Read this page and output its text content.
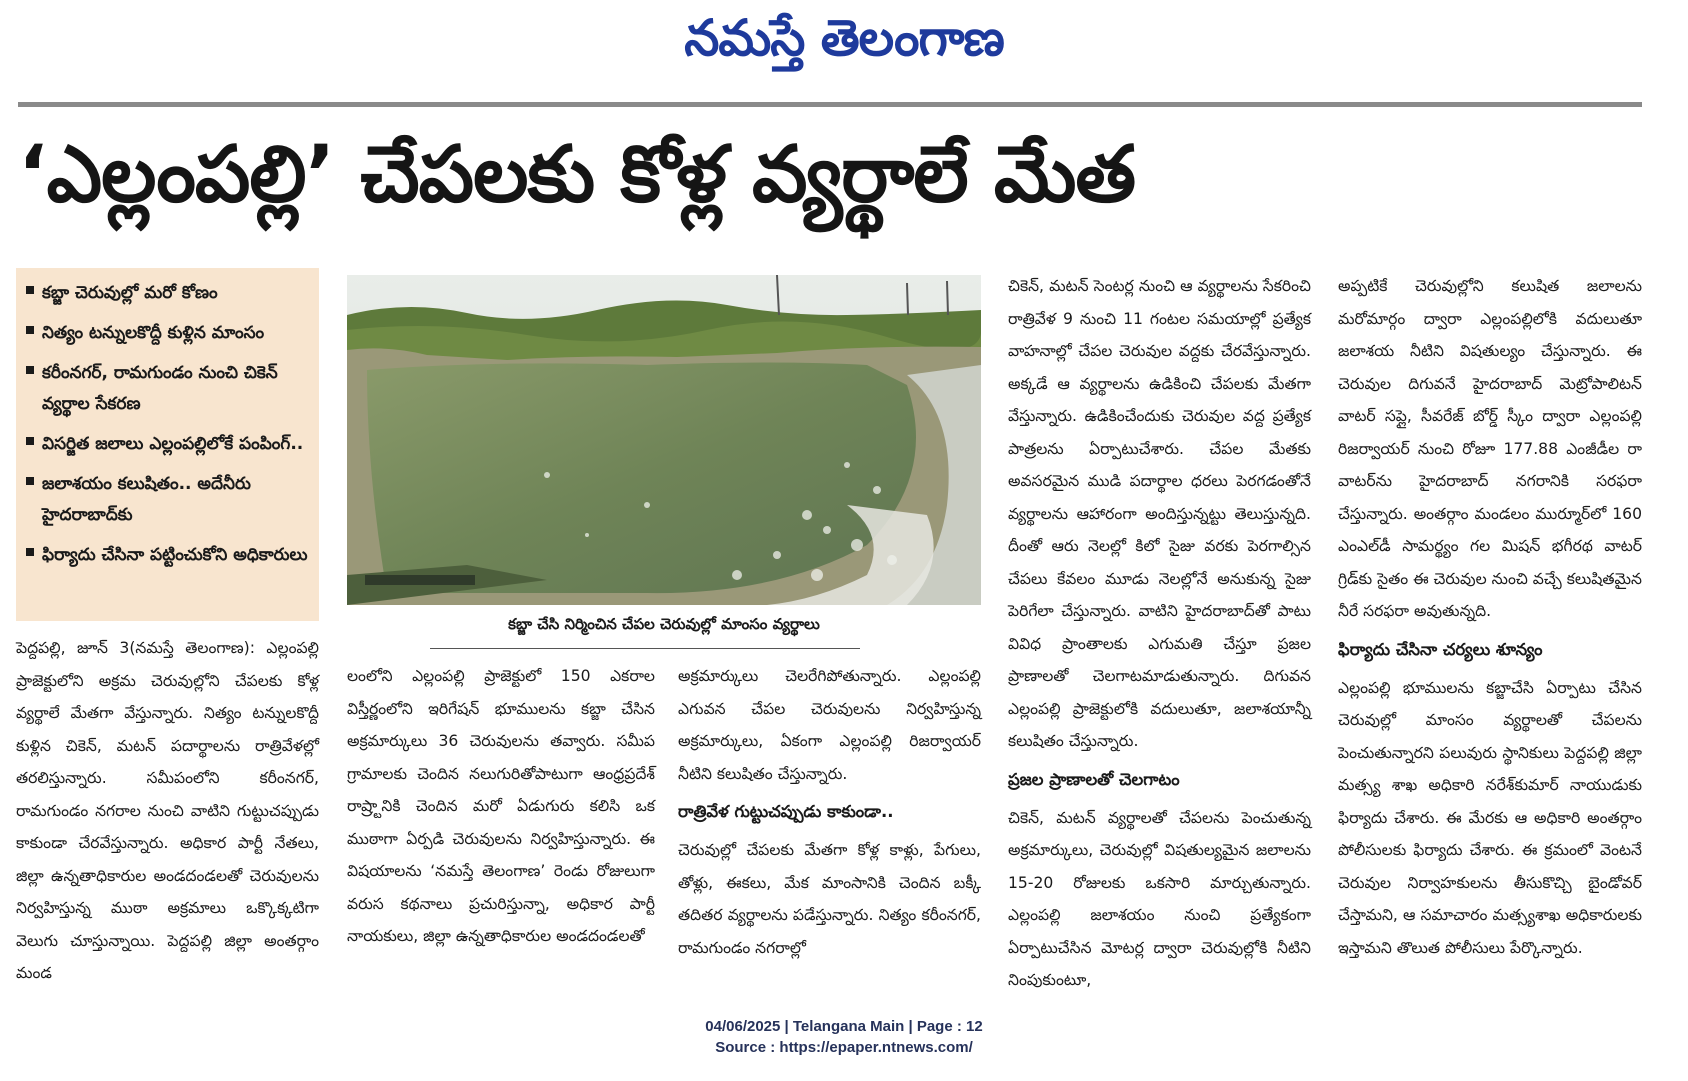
నమస్తే తెలంగాణ
‘ఎల్లంపల్లి’ చేపలకు కోళ్ల వ్యర్థాలే మేత
కబ్జా చెరువుల్లో మరో కోణం
నిత్యం టన్నులకొద్దీ కుళ్లిన మాంసం
కరీంనగర్, రామగుండం నుంచి చికెన్ వ్యర్థాల సేకరణ
విసర్జిత జలాలు ఎల్లంపల్లిలోకే పంపింగ్..
జలాశయం కలుషితం.. అదేనీరు హైదరాబాద్‌కు
ఫిర్యాదు చేసినా పట్టించుకోని అధికారులు
కబ్జా చేసి నిర్మించిన చేపల చెరువుల్లో మాంసం వ్యర్థాలు

పెద్దపల్లి, జూన్ 3(నమస్తే తెలంగాణ): ఎల్లంపల్లి ప్రాజెక్టులోని అక్రమ చెరువుల్లోని చేపలకు కోళ్ల వ్యర్థాలే మేతగా వేస్తున్నారు. నిత్యం టన్నులకొద్దీ కుళ్లిన చికెన్, మటన్ పదార్థాలను రాత్రివేళల్లో తరలిస్తున్నారు. సమీపంలోని కరీంనగర్, రామగుండం నగరాల నుంచి వాటిని గుట్టుచప్పుడు కాకుండా చేరవేస్తున్నారు. అధికార పార్టీ నేతలు, జిల్లా ఉన్నతాధికారుల అండదండలతో చెరువులను నిర్వహిస్తున్న ముఠా అక్రమాలు ఒక్కొక్కటిగా వెలుగు చూస్తున్నాయి. పెద్దపల్లి జిల్లా అంతర్గాం మండ

లంలోని ఎల్లంపల్లి ప్రాజెక్టులో 150 ఎకరాల విస్తీర్ణంలోని ఇరిగేషన్ భూములను కబ్జా చేసిన అక్రమార్కులు 36 చెరువులను తవ్వారు. సమీప గ్రామాలకు చెందిన నలుగురితోపాటుగా ఆంధ్రప్రదేశ్ రాష్ర్టానికి చెందిన మరో ఏడుగురు కలిసి ఒక ముఠాగా ఏర్పడి చెరువులను నిర్వహిస్తున్నారు. ఈ విషయాలను ‘నమస్తే తెలంగాణ’ రెండు రోజులుగా వరుస కథనాలు ప్రచురిస్తున్నా, అధికార పార్టీ నాయకులు, జిల్లా ఉన్నతాధికారుల అండదండలతో

అక్రమార్కులు చెలరేగిపోతున్నారు. ఎల్లంపల్లి ఎగువన చేపల చెరువులను నిర్వహిస్తున్న అక్రమార్కులు, ఏకంగా ఎల్లంపల్లి రిజర్వాయర్ నీటిని కలుషితం చేస్తున్నారు.

రాత్రివేళ గుట్టుచప్పుడు కాకుండా..

చెరువుల్లో చేపలకు మేతగా కోళ్ల కాళ్లు, పేగులు, తోళ్లు, ఈకలు, మేక మాంసానికి చెందిన బక్కీ తదితర వ్యర్థాలను పడేస్తున్నారు. నిత్యం కరీంనగర్, రామగుండం నగరాల్లో

చికెన్, మటన్ సెంటర్ల నుంచి ఆ వ్యర్థాలను సేకరించి రాత్రివేళ 9 నుంచి 11 గంటల సమయాల్లో ప్రత్యేక వాహనాల్లో చేపల చెరువుల వద్దకు చేరవేస్తున్నారు. అక్కడే ఆ వ్యర్థాలను ఉడికించి చేపలకు మేతగా వేస్తున్నారు. ఉడికించేందుకు చెరువుల వద్ద ప్రత్యేక పాత్రలను ఏర్పాటుచేశారు. చేపల మేతకు అవసరమైన ముడి పదార్థాల ధరలు పెరగడంతోనే వ్యర్థాలను ఆహారంగా అందిస్తున్నట్టు తెలుస్తున్నది. దీంతో ఆరు నెలల్లో కిలో సైజు వరకు పెరగాల్సిన చేపలు కేవలం మూడు నెలల్లోనే అనుకున్న సైజు పెరిగేలా చేస్తున్నారు. వాటిని హైదరాబాద్‌తో పాటు వివిధ ప్రాంతాలకు ఎగుమతి చేస్తూ ప్రజల ప్రాణాలతో చెలగాటమాడుతున్నారు. దిగువన ఎల్లంపల్లి ప్రాజెక్టులోకి వదులుతూ, జలాశయాన్నీ కలుషితం చేస్తున్నారు.

ప్రజల ప్రాణాలతో చెలగాటం

చికెన్, మటన్ వ్యర్థాలతో చేపలను పెంచుతున్న అక్రమార్కులు, చెరువుల్లో విషతుల్యమైన జలాలను 15-20 రోజులకు ఒకసారి మార్చుతున్నారు. ఎల్లంపల్లి జలాశయం నుంచి ప్రత్యేకంగా ఏర్పాటుచేసిన మోటర్ల ద్వారా చెరువుల్లోకి నీటిని నింపుకుంటూ,

అప్పటికే చెరువుల్లోని కలుషిత జలాలను మరోమార్గం ద్వారా ఎల్లంపల్లిలోకి వదులుతూ జలాశయ నీటిని విషతుల్యం చేస్తున్నారు. ఈ చెరువుల దిగువనే హైదరాబాద్ మెట్రోపాలిటన్ వాటర్ సప్లై, సీవరేజ్ బోర్డ్ స్కీం ద్వారా ఎల్లంపల్లి రిజర్వాయర్ నుంచి రోజూ 177.88 ఎంజీడీల రా వాటర్‌ను హైదరాబాద్ నగరానికి సరఫరా చేస్తున్నారు. అంతర్గాం మండలం ముర్మూర్‌లో 160 ఎంఎల్‌డీ సామర్థ్యం గల మిషన్ భగీరథ వాటర్ గ్రిడ్‌కు సైతం ఈ చెరువుల నుంచి వచ్చే కలుషితమైన నీరే సరఫరా అవుతున్నది.

ఫిర్యాదు చేసినా చర్యలు శూన్యం

ఎల్లంపల్లి భూములను కబ్జాచేసి ఏర్పాటు చేసిన చెరువుల్లో మాంసం వ్యర్థాలతో చేపలను పెంచుతున్నారని పలువురు స్థానికులు పెద్దపల్లి జిల్లా మత్స్య శాఖ అధికారి నరేశ్‌కుమార్ నాయుడుకు ఫిర్యాదు చేశారు. ఈ మేరకు ఆ అధికారి అంతర్గాం పోలీసులకు ఫిర్యాదు చేశారు. ఈ క్రమంలో వెంటనే చెరువుల నిర్వాహకులను తీసుకొచ్చి బైండోవర్ చేస్తామని, ఆ సమాచారం మత్స్యశాఖ అధికారులకు ఇస్తామని తొలుత పోలీసులు పేర్కొన్నారు.

04/06/2025 | Telangana Main | Page : 12
Source : https://epaper.ntnews.com/
